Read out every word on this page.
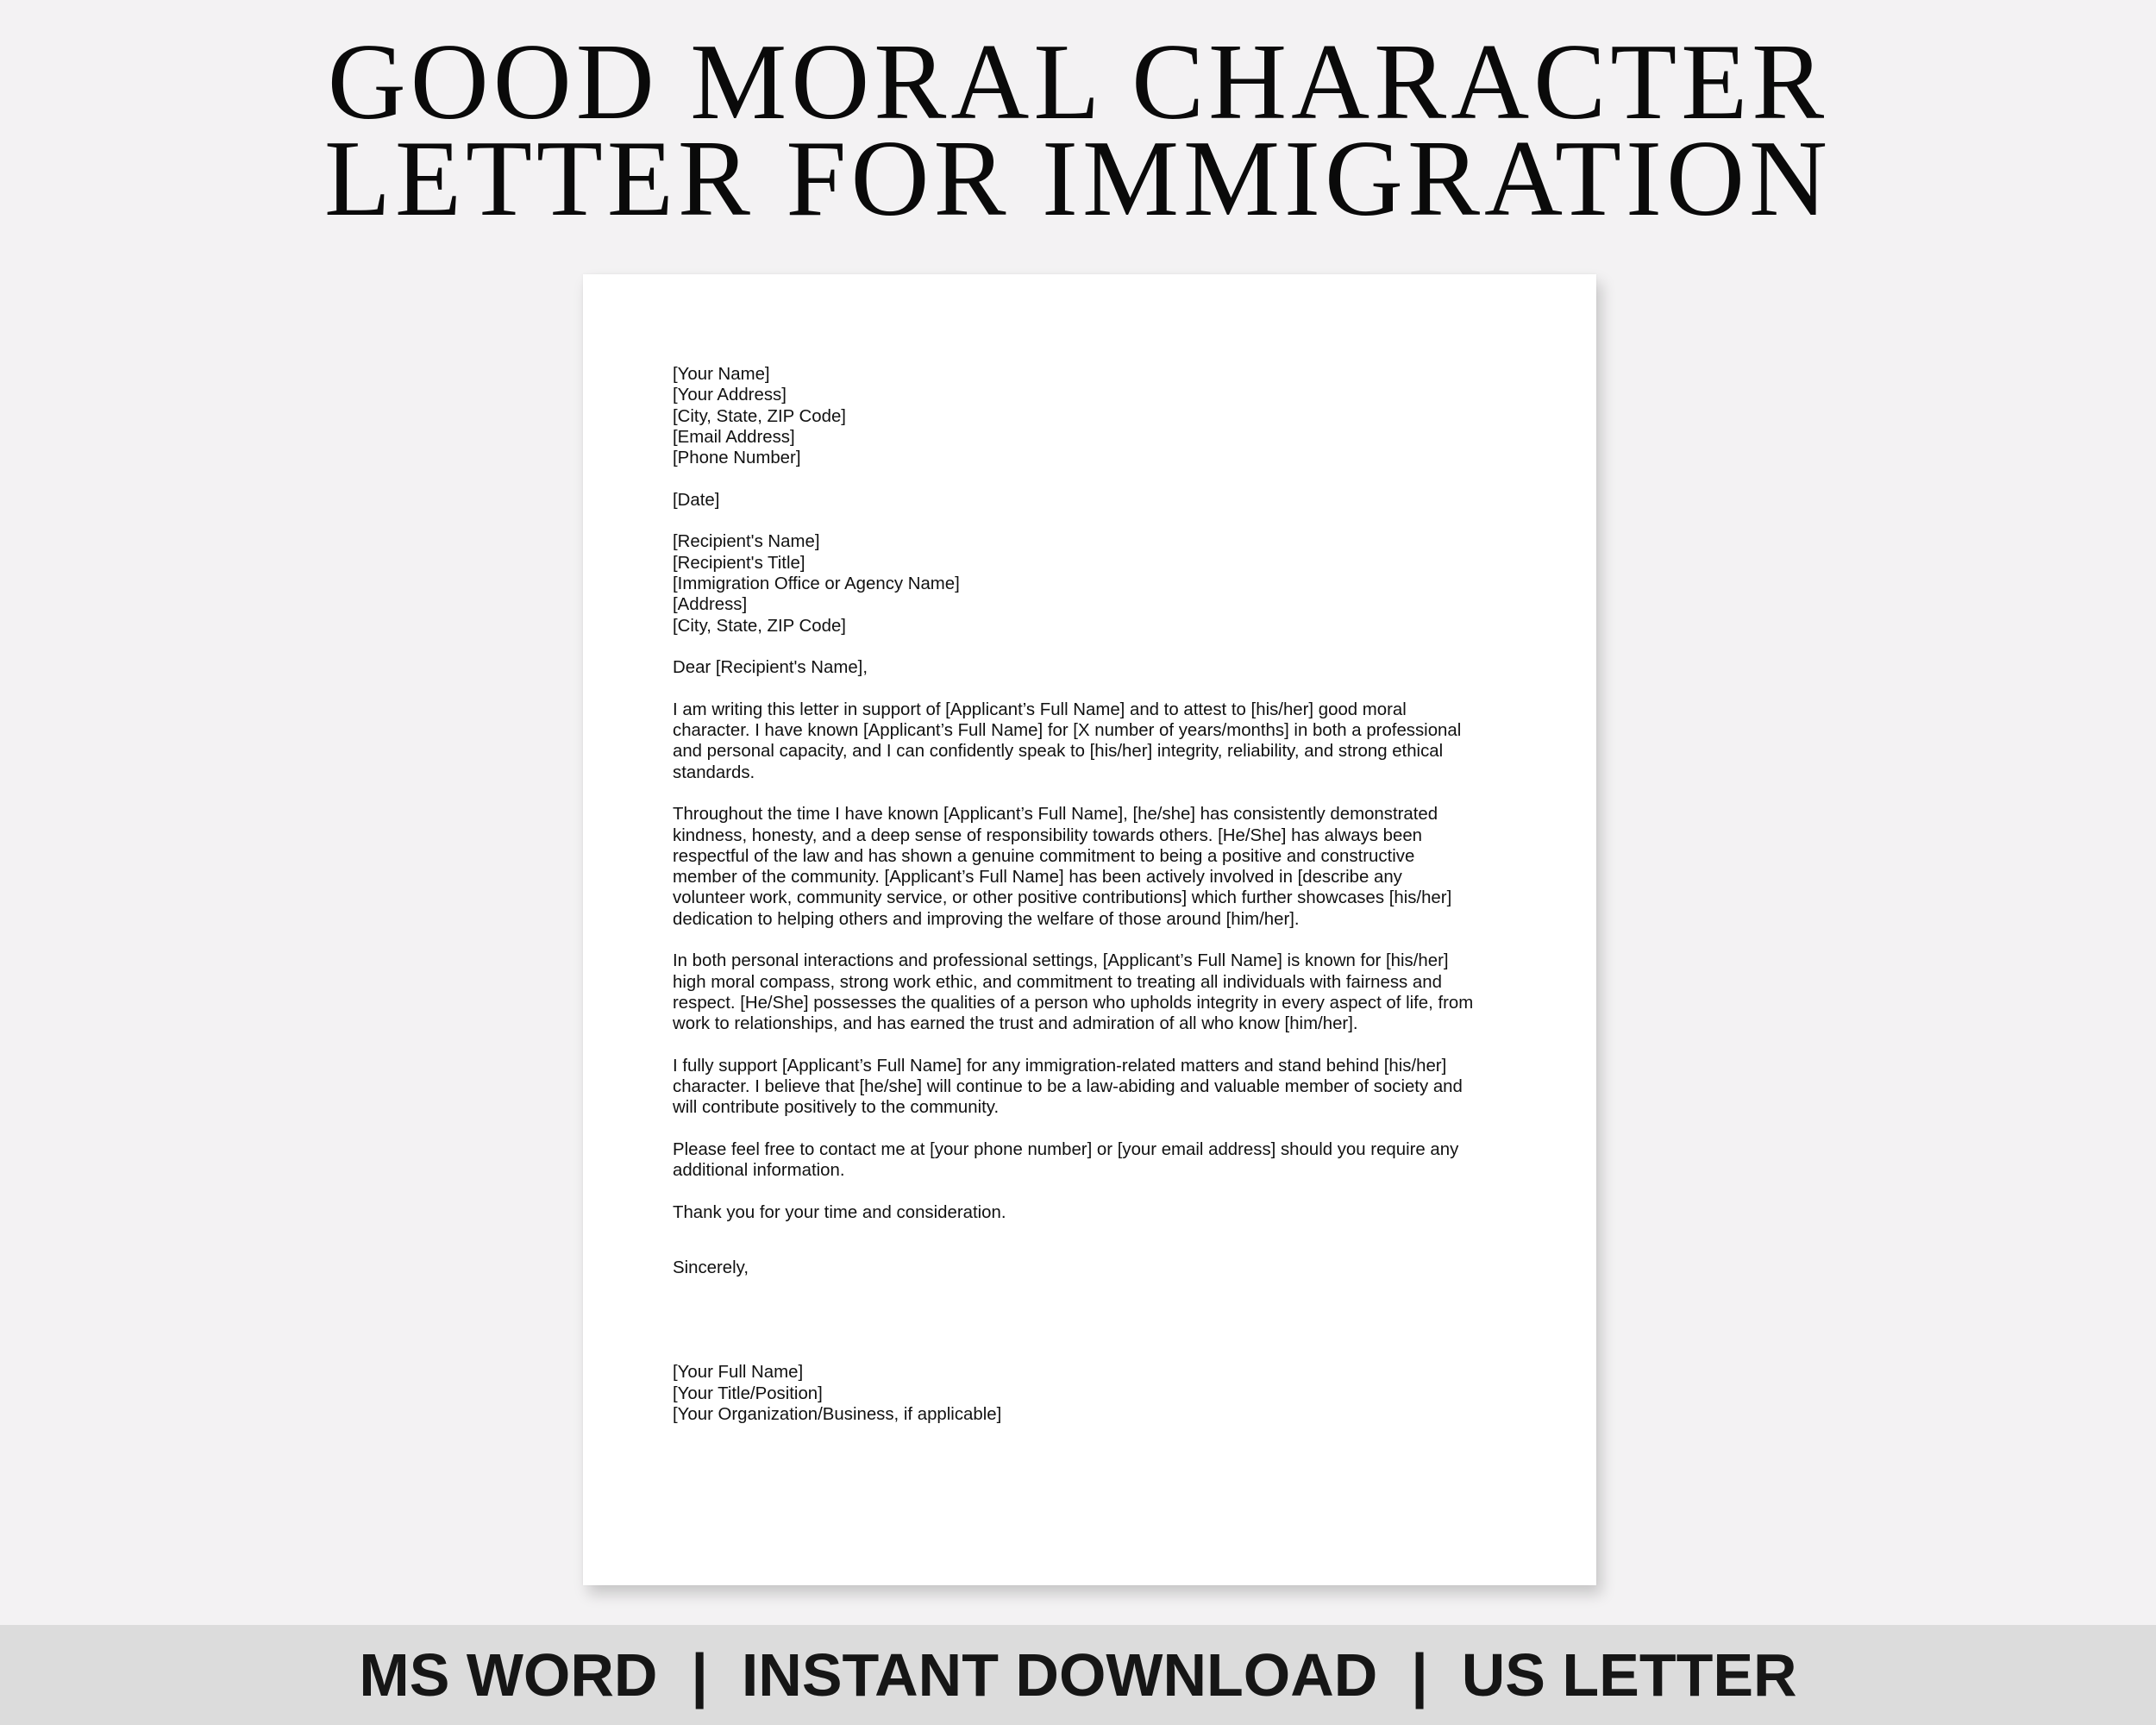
GOOD MORAL CHARACTER
LETTER FOR IMMIGRATION
[Your Name]
[Your Address]
[City, State, ZIP Code]
[Email Address]
[Phone Number]
[Date]
[Recipient's Name]
[Recipient's Title]
[Immigration Office or Agency Name]
[Address]
[City, State, ZIP Code]
Dear [Recipient's Name],
I am writing this letter in support of [Applicant’s Full Name] and to attest to [his/her] good moral
character. I have known [Applicant’s Full Name] for [X number of years/months] in both a professional
and personal capacity, and I can confidently speak to [his/her] integrity, reliability, and strong ethical
standards.
Throughout the time I have known [Applicant’s Full Name], [he/she] has consistently demonstrated
kindness, honesty, and a deep sense of responsibility towards others. [He/She] has always been
respectful of the law and has shown a genuine commitment to being a positive and constructive
member of the community. [Applicant’s Full Name] has been actively involved in [describe any
volunteer work, community service, or other positive contributions] which further showcases [his/her]
dedication to helping others and improving the welfare of those around [him/her].
In both personal interactions and professional settings, [Applicant’s Full Name] is known for [his/her]
high moral compass, strong work ethic, and commitment to treating all individuals with fairness and
respect. [He/She] possesses the qualities of a person who upholds integrity in every aspect of life, from
work to relationships, and has earned the trust and admiration of all who know [him/her].
I fully support [Applicant’s Full Name] for any immigration-related matters and stand behind [his/her]
character. I believe that [he/she] will continue to be a law-abiding and valuable member of society and
will contribute positively to the community.
Please feel free to contact me at [your phone number] or [your email address] should you require any
additional information.
Thank you for your time and consideration.
Sincerely,
[Your Full Name]
[Your Title/Position]
[Your Organization/Business, if applicable]
MS WORD  |  INSTANT DOWNLOAD  |  US LETTER
